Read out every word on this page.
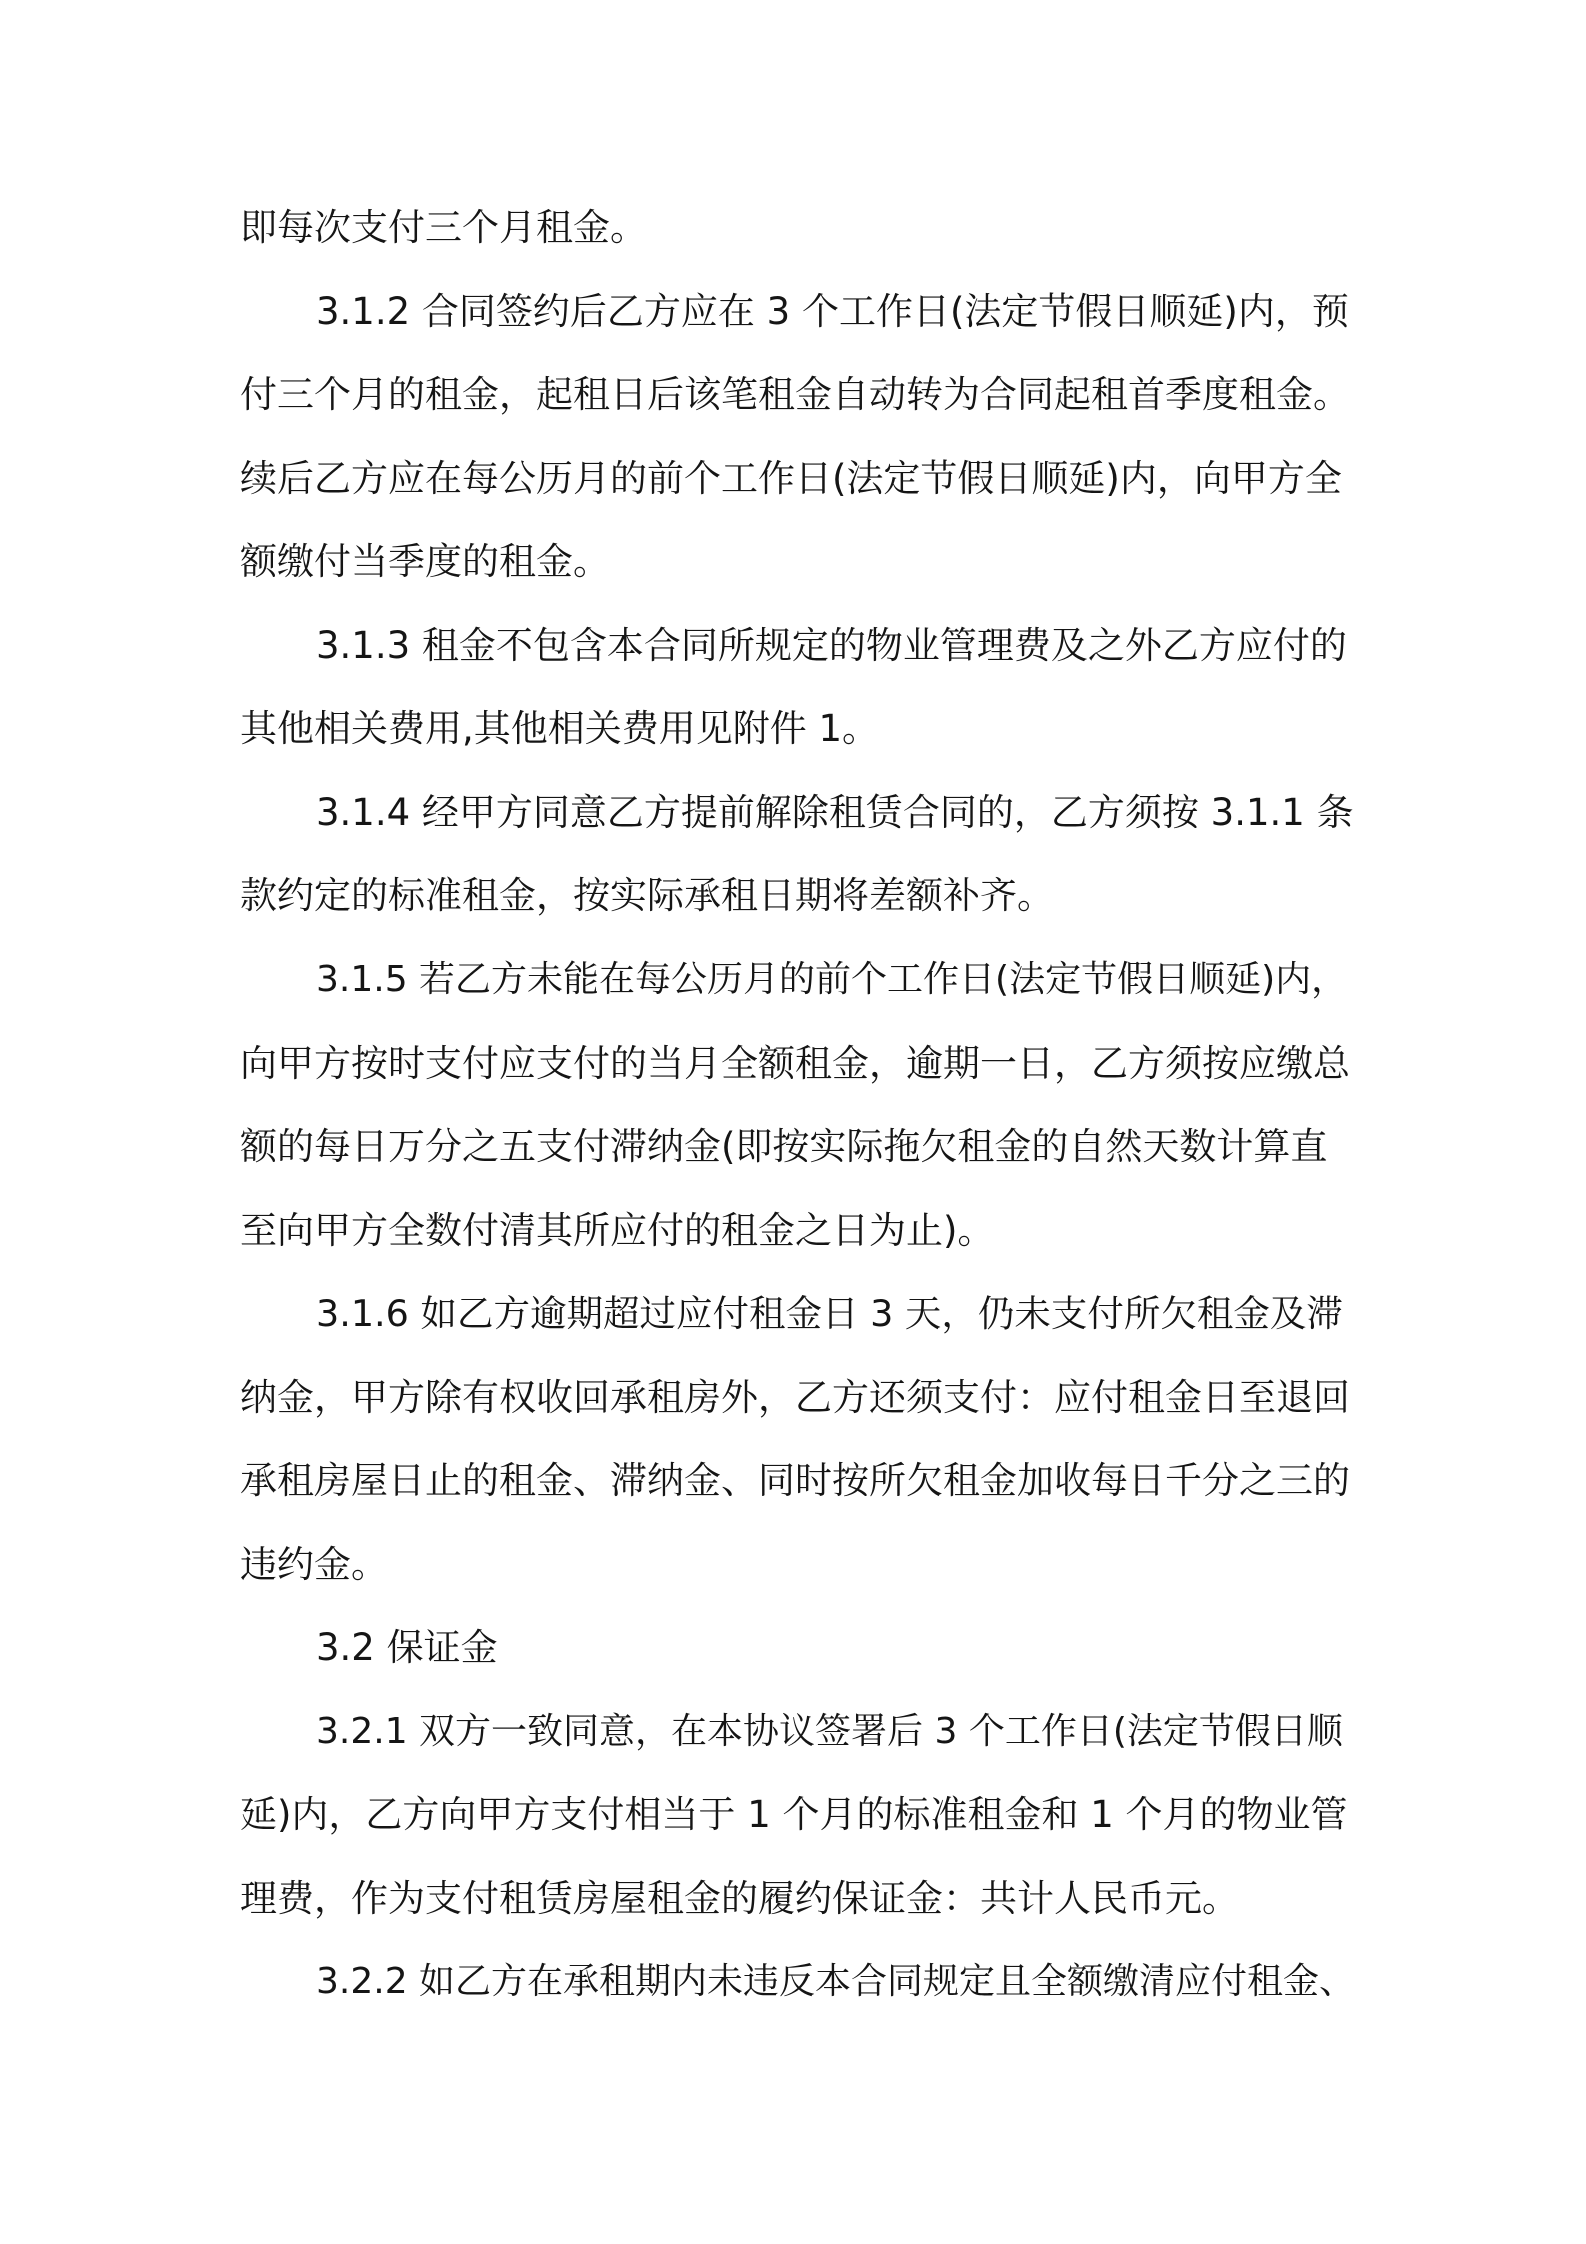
即每次支付三个月租金。

3.1.2 合同签约后乙方应在 3 个工作日(法定节假日顺延)内，预

付三个月的租金，起租日后该笔租金自动转为合同起租首季度租金。

续后乙方应在每公历月的前个工作日(法定节假日顺延)内，向甲方全

额缴付当季度的租金。

3.1.3 租金不包含本合同所规定的物业管理费及之外乙方应付的

其他相关费用,其他相关费用见附件 1。

3.1.4 经甲方同意乙方提前解除租赁合同的，乙方须按 3.1.1 条

款约定的标准租金，按实际承租日期将差额补齐。

3.1.5 若乙方未能在每公历月的前个工作日(法定节假日顺延)内，

向甲方按时支付应支付的当月全额租金，逾期一日，乙方须按应缴总

额的每日万分之五支付滞纳金(即按实际拖欠租金的自然天数计算直

至向甲方全数付清其所应付的租金之日为止)。

3.1.6 如乙方逾期超过应付租金日 3 天，仍未支付所欠租金及滞

纳金，甲方除有权收回承租房外，乙方还须支付：应付租金日至退回

承租房屋日止的租金、滞纳金、同时按所欠租金加收每日千分之三的

违约金。

3.2 保证金

3.2.1 双方一致同意，在本协议签署后 3 个工作日(法定节假日顺

延)内，乙方向甲方支付相当于 1 个月的标准租金和 1 个月的物业管

理费，作为支付租赁房屋租金的履约保证金：共计人民币元。

3.2.2 如乙方在承租期内未违反本合同规定且全额缴清应付租金、
